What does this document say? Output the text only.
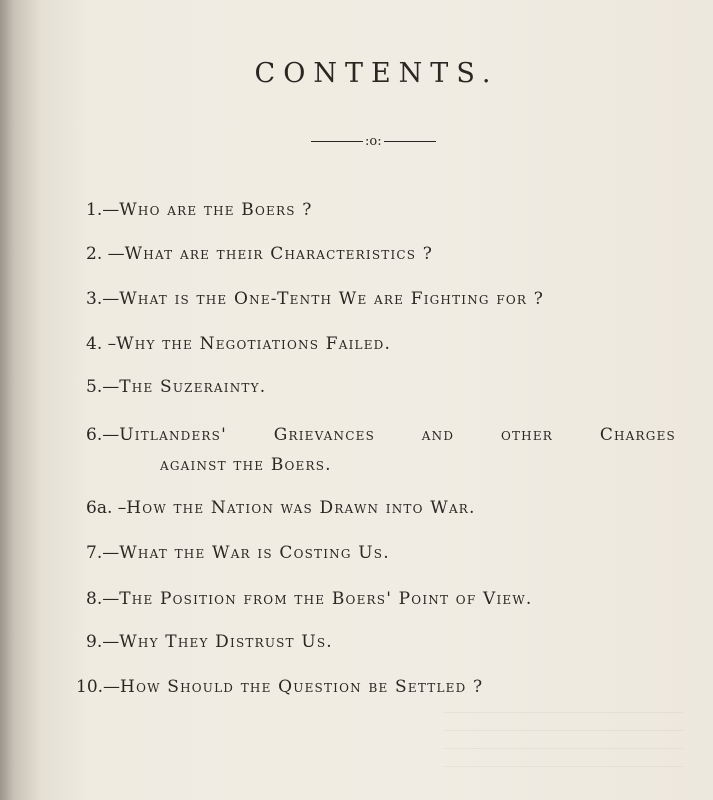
CONTENTS.
:o:
1.—Who are the Boers ?
2. —What are their Characteristics ?
3.—What is the One-Tenth We are Fighting for ?
4. –Why the Negotiations Failed.
5.—The Suzerainty.
6.—Uitlanders'	Grievances	and	other	Charges
against the Boers.
6a. –How the Nation was Drawn into War.
7.—What the War is Costing Us.
8.—The Position from the Boers' Point of View.
9.—Why They Distrust Us.
10.—How Should the Question be Settled ?
